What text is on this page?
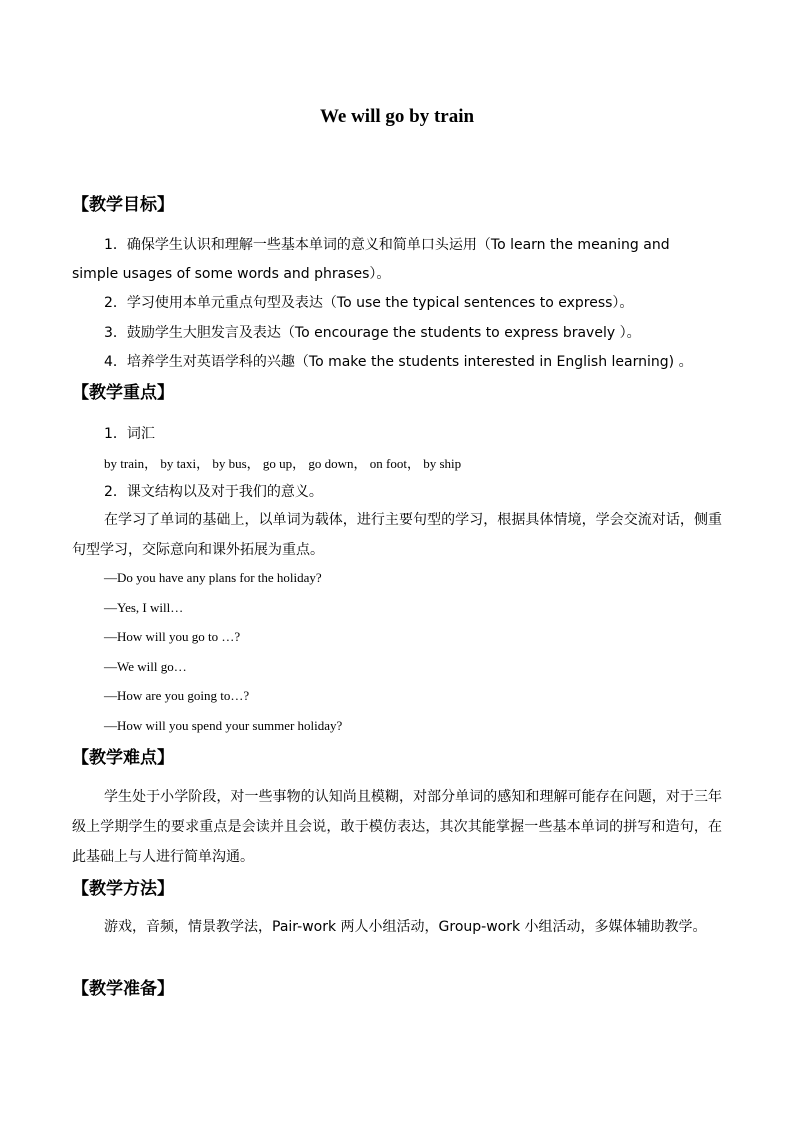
We will go by train
【教学目标】
1．确保学生认识和理解一些基本单词的意义和简单口头运用（To learn the meaning and
simple usages of some words and phrases）。
2．学习使用本单元重点句型及表达（To use the typical sentences to express）。
3．鼓励学生大胆发言及表达（To encourage the students to express bravely ）。
4．培养学生对英语学科的兴趣（To make the students interested in English learning) 。
【教学重点】
1．词汇
by train， by taxi， by bus， go up， go down， on foot， by ship
2．课文结构以及对于我们的意义。
在学习了单词的基础上，以单词为载体，进行主要句型的学习，根据具体情境，学会交流对话，侧重句型学习，交际意向和课外拓展为重点。
—Do you have any plans for the holiday?
—Yes, I will…
—How will you go to …?
—We will go…
—How are you going to…?
—How will you spend your summer holiday?
【教学难点】
学生处于小学阶段，对一些事物的认知尚且模糊，对部分单词的感知和理解可能存在问题，对于三年级上学期学生的要求重点是会读并且会说，敢于模仿表达，其次其能掌握一些基本单词的拼写和造句，在此基础上与人进行简单沟通。
【教学方法】
游戏，音频，情景教学法，Pair-work 两人小组活动，Group-work 小组活动，多媒体辅助教学。
【教学准备】
